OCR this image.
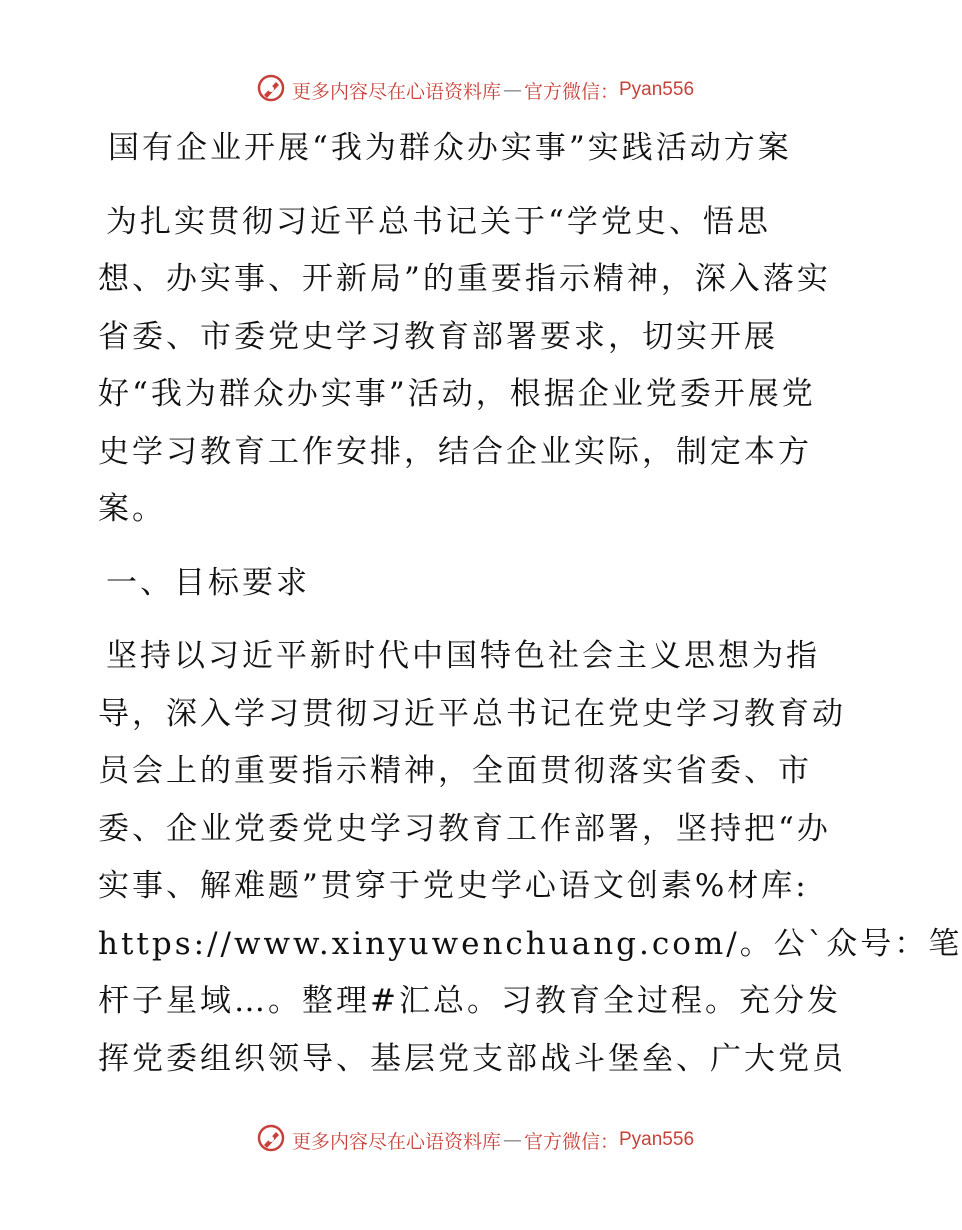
更多内容尽在心语资料库 — 官方微信： Pyan556
国有企业开展“我为群众办实事”实践活动方案
为扎实贯彻习近平总书记关于“学党史、悟思
想、办实事、开新局”的重要指示精神，深入落实
省委、市委党史学习教育部署要求，切实开展
好“我为群众办实事”活动，根据企业党委开展党
史学习教育工作安排，结合企业实际，制定本方
案。
一、目标要求
坚持以习近平新时代中国特色社会主义思想为指
导，深入学习贯彻习近平总书记在党史学习教育动
员会上的重要指示精神，全面贯彻落实省委、市
委、企业党委党史学习教育工作部署，坚持把“办
实事、解难题”贯穿于党史学心语文创素%材库:
https://www.xinyuwenchuang.com/。公`众号：笔
杆子星域…。整理#汇总。习教育全过程。充分发
挥党委组织领导、基层党支部战斗堡垒、广大党员
更多内容尽在心语资料库 — 官方微信： Pyan556
